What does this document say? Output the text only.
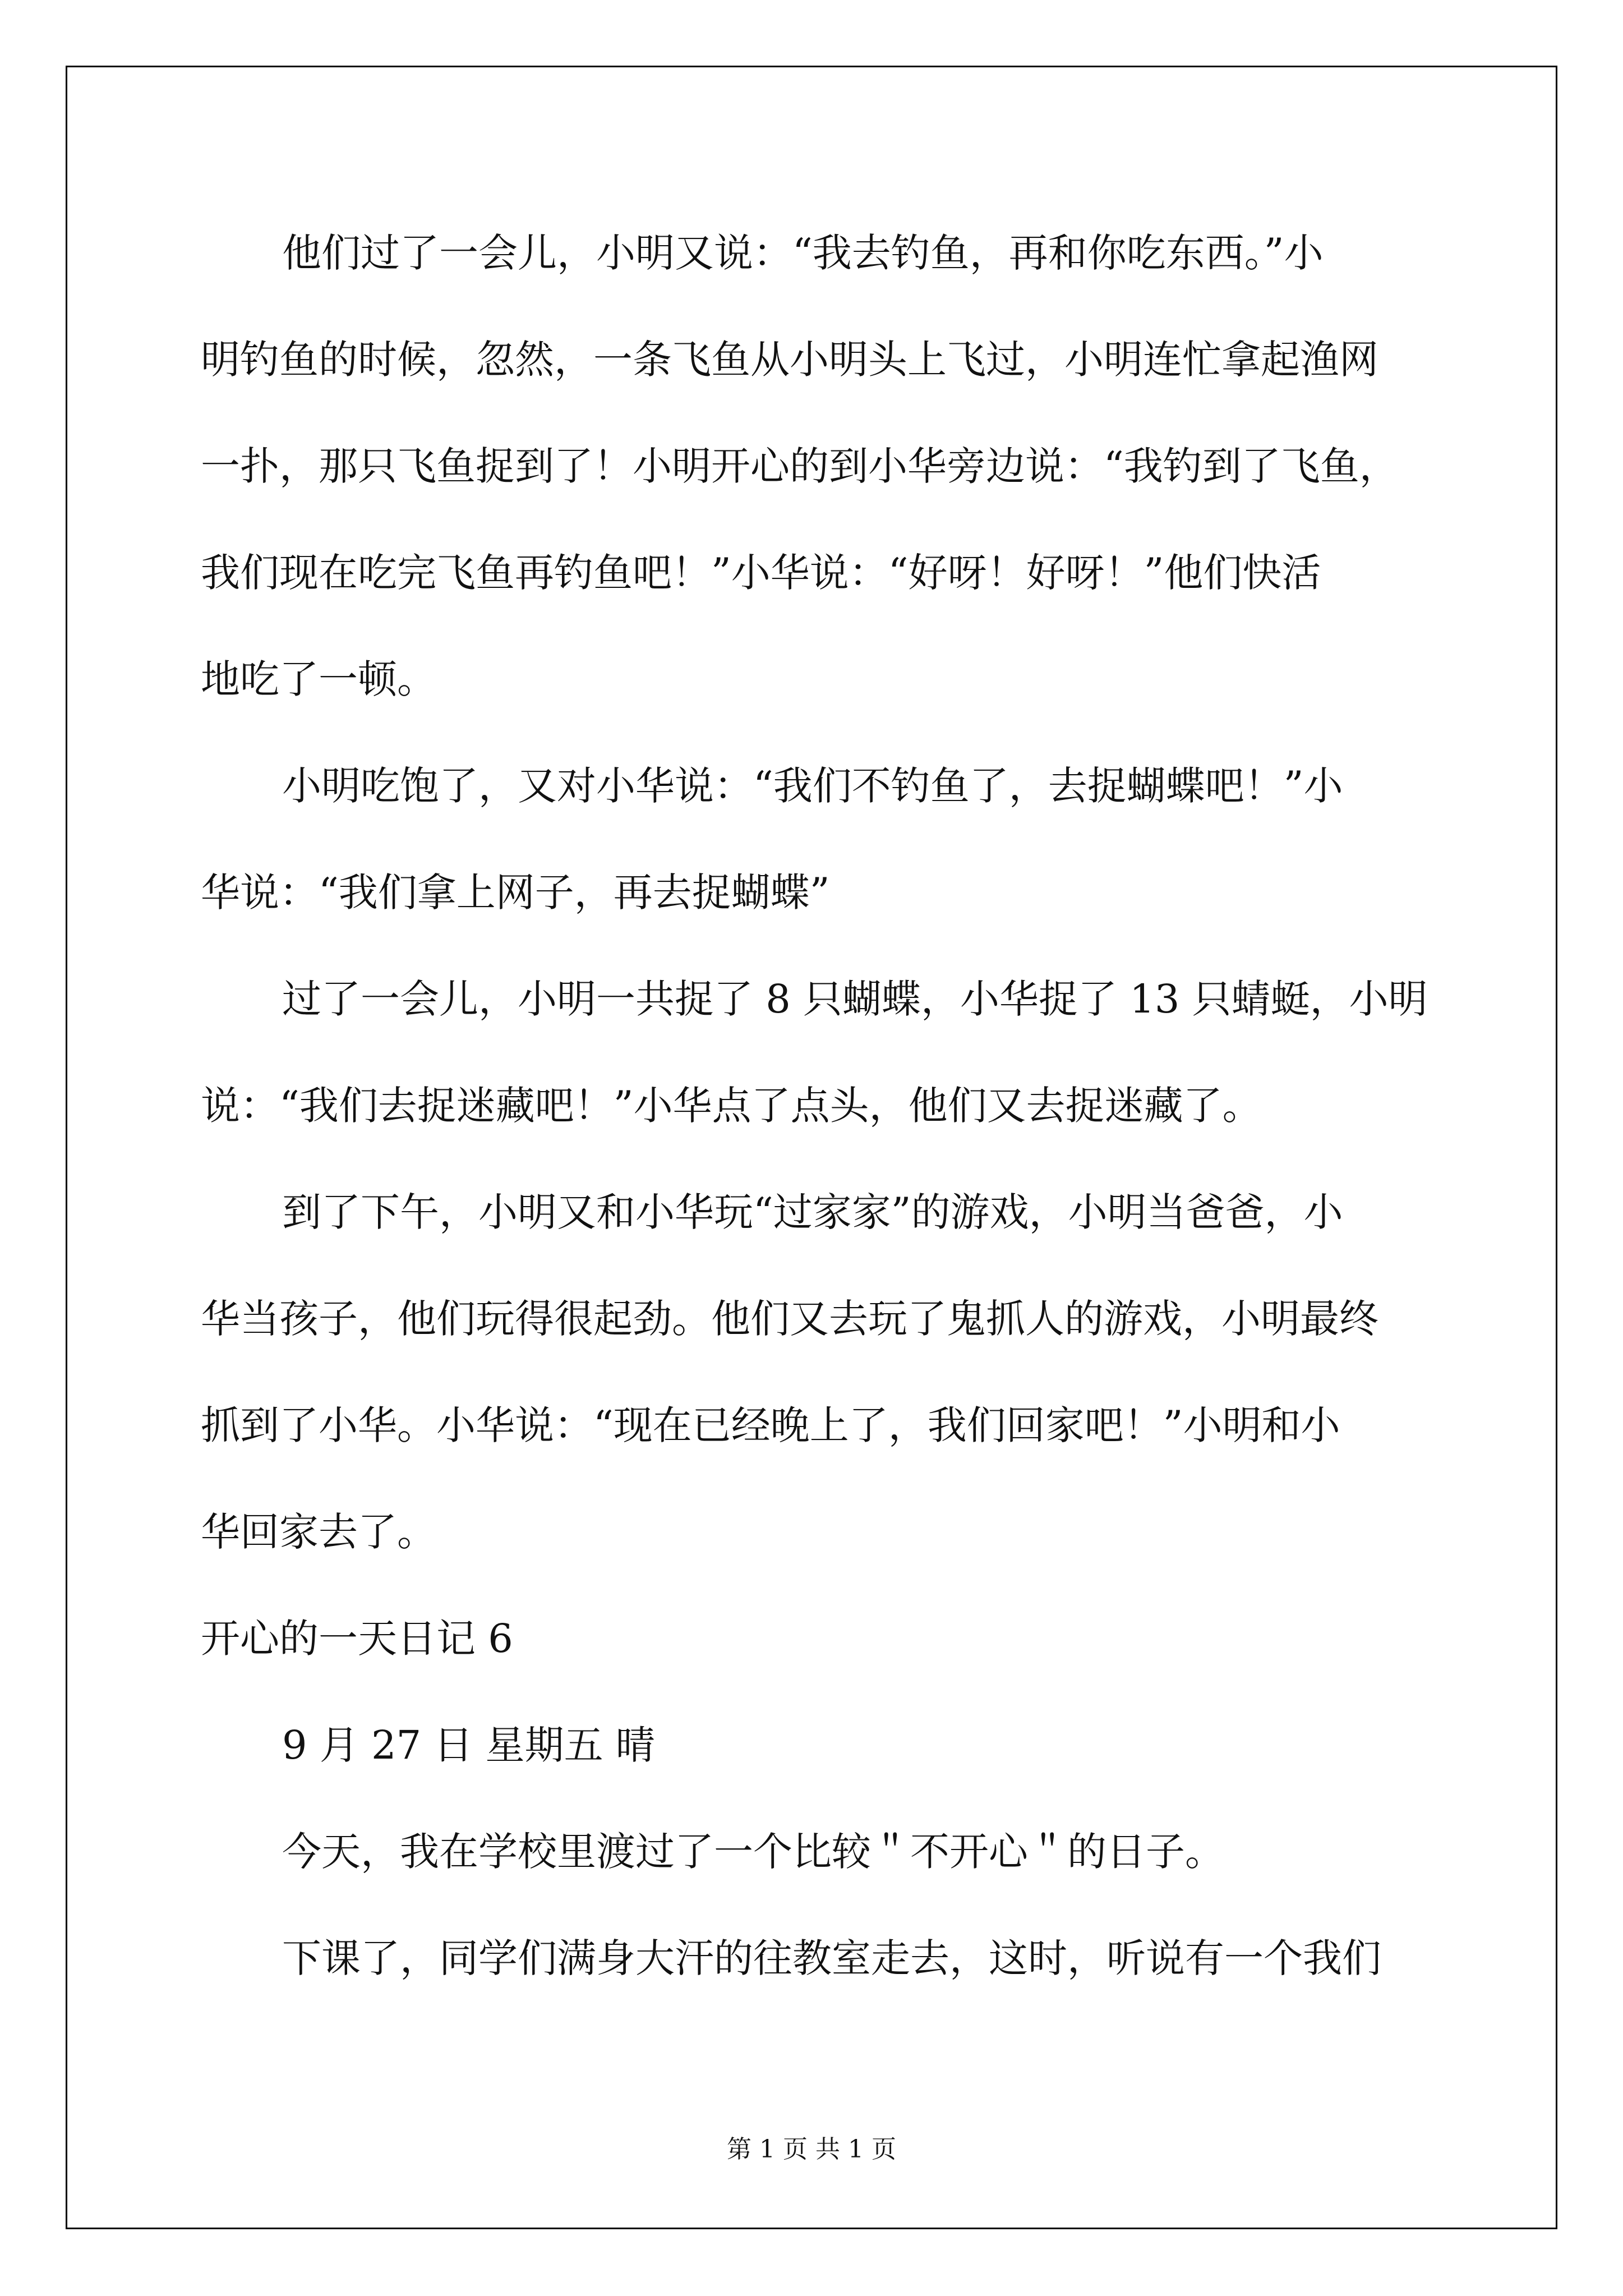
他们过了一会儿，小明又说：“我去钓鱼，再和你吃东西。”小

明钓鱼的时候，忽然，一条飞鱼从小明头上飞过，小明连忙拿起渔网

一扑，那只飞鱼捉到了！小明开心的到小华旁边说：“我钓到了飞鱼，

我们现在吃完飞鱼再钓鱼吧！”小华说：“好呀！好呀！”他们快活

地吃了一顿。

小明吃饱了，又对小华说：“我们不钓鱼了，去捉蝴蝶吧！”小

华说：“我们拿上网子，再去捉蝴蝶”

过了一会儿，小明一共捉了 8 只蝴蝶，小华捉了 13 只蜻蜓，小明

说：“我们去捉迷藏吧！”小华点了点头，他们又去捉迷藏了。

到了下午，小明又和小华玩“过家家”的游戏，小明当爸爸，小

华当孩子，他们玩得很起劲。他们又去玩了鬼抓人的游戏，小明最终

抓到了小华。小华说：“现在已经晚上了，我们回家吧！”小明和小

华回家去了。

开心的一天日记 6

9 月 27 日 星期五 晴

今天，我在学校里渡过了一个比较＂不开心＂的日子。

下课了，同学们满身大汗的往教室走去，这时，听说有一个我们

第 1 页 共 1 页
